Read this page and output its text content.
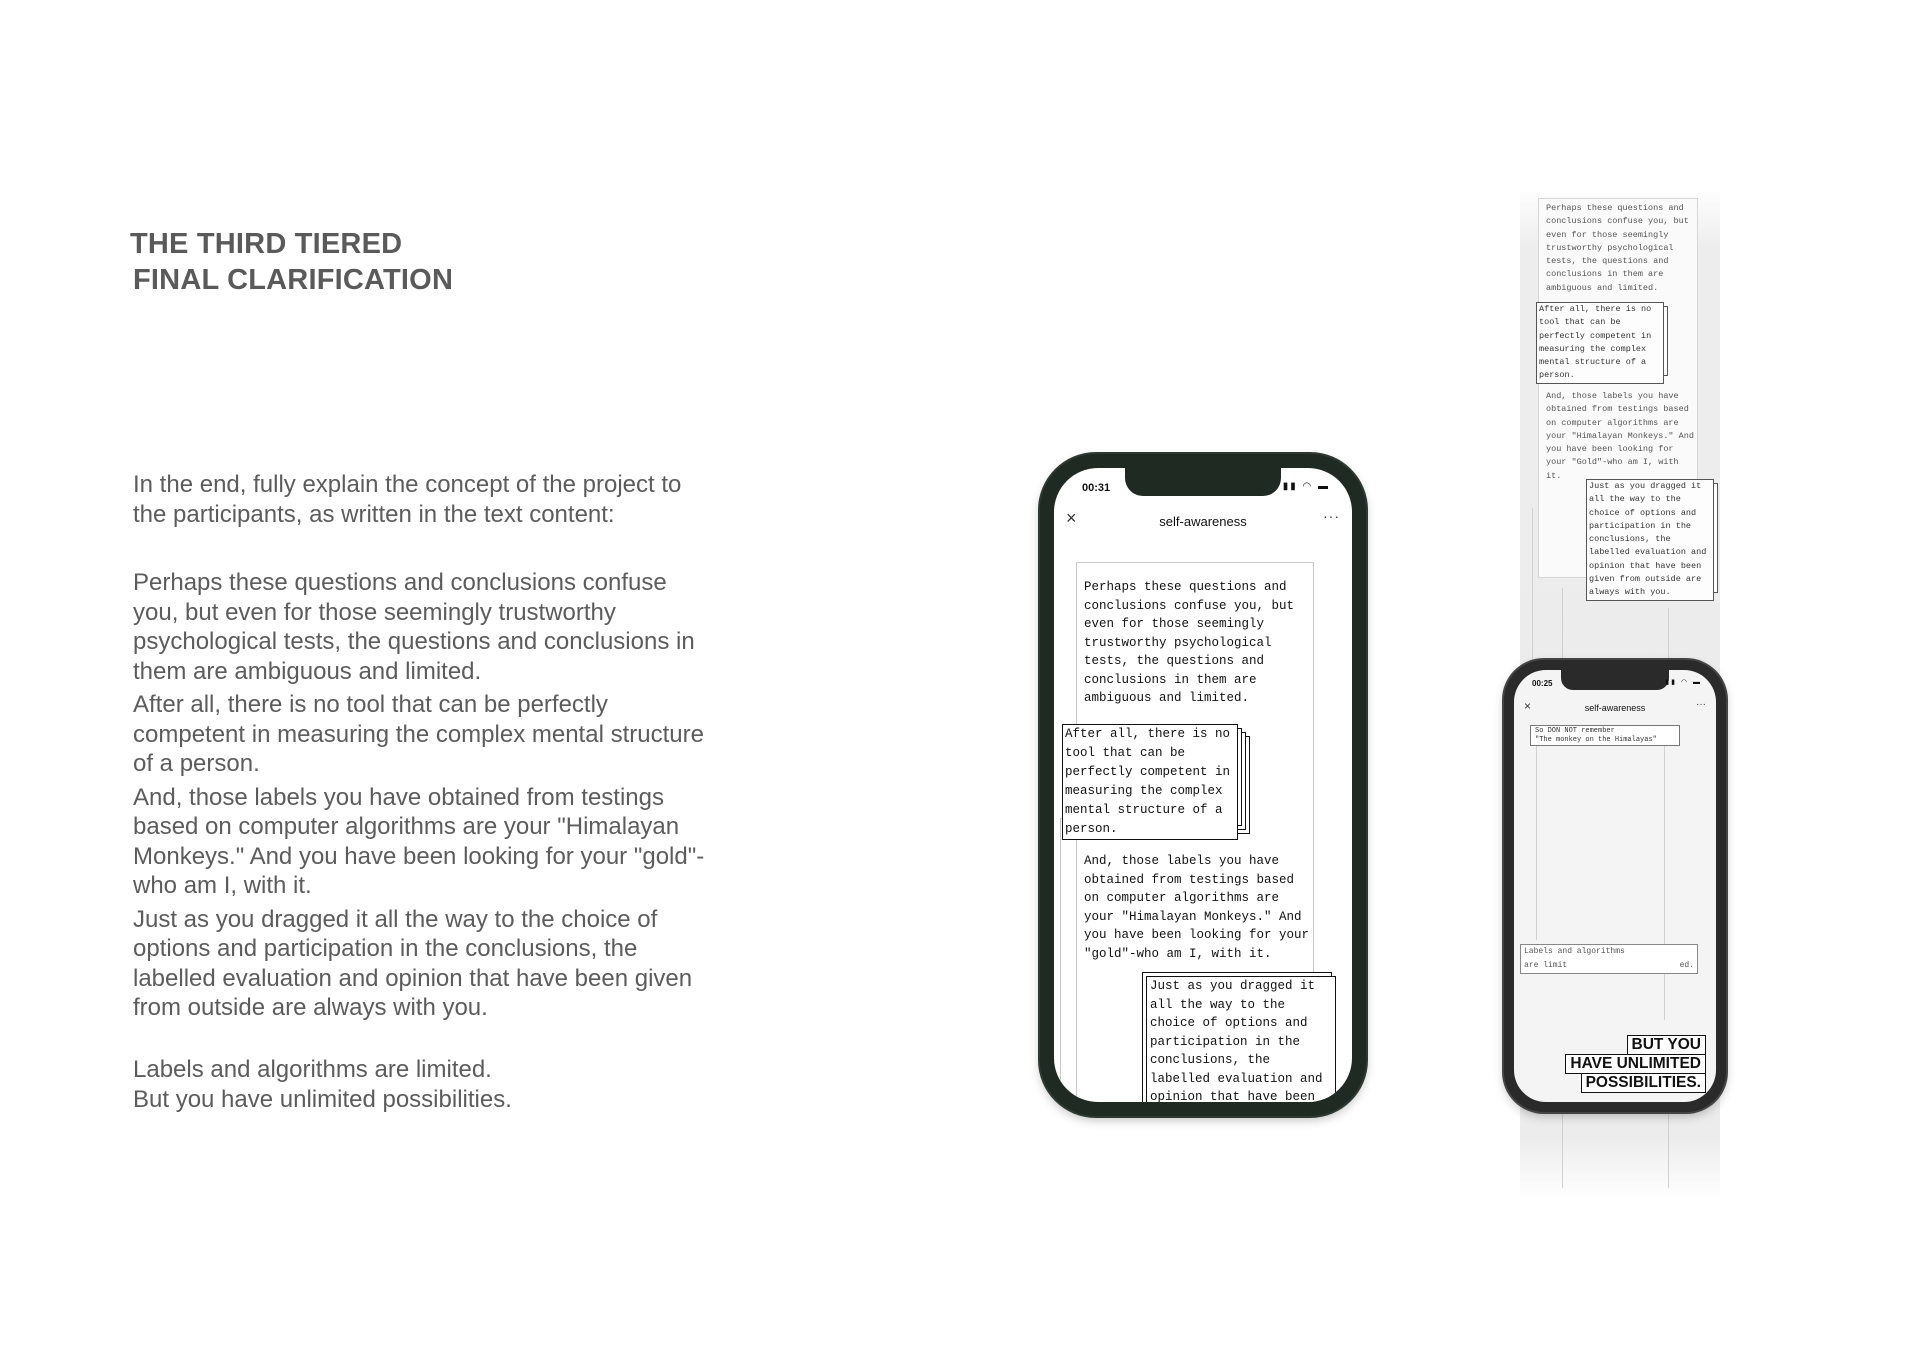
THE THIRD TIERED
FINAL CLARIFICATION
In the end, fully explain the concept of the project to the participants, as written in the text content:

Perhaps these questions and conclusions confuse you, but even for those seemingly trustworthy psychological tests, the questions and conclusions in them are ambiguous and limited.

After all, there is no tool that can be perfectly competent in measuring the complex mental structure of a person.

And, those labels you have obtained from testings based on computer algorithms are your "Himalayan Monkeys." And you have been looking for your "gold"-who am I, with it.

Just as you dragged it all the way to the choice of options and participation in the conclusions, the labelled evaluation and opinion that have been given from outside are always with you.

Labels and algorithms are limited.
But you have unlimited possibilities.
00:31	▮▮ ◠ ▬
×	self-awareness	···
Perhaps these questions and conclusions confuse you, but even for those seemingly trustworthy psychological tests, the questions and conclusions in them are ambiguous and limited.
After all, there is no tool that can be perfectly competent in measuring the complex mental structure of a person.
And, those labels you have obtained from testings based on computer algorithms are your "Himalayan Monkeys." And you have been looking for your "gold"-who am I, with it.
Just as you dragged it all the way to the choice of options and participation in the conclusions, the labelled evaluation and opinion that have been
Perhaps these questions and conclusions confuse you, but even for those seemingly trustworthy psychological tests, the questions and conclusions in them are ambiguous and limited.
After all, there is no tool that can be perfectly competent in measuring the complex mental structure of a person.
And, those labels you have obtained from testings based on computer algorithms are your "Himalayan Monkeys." And you have been looking for your "Gold"-who am I, with it.
Just as you dragged it all the way to the choice of options and participation in the conclusions, the labelled evaluation and opinion that have been given from outside are always with you.
00:25	▮▮ ◠ ▬
×	self-awareness	···
So DON NOT remember
"The monkey on the Himalayas"
Labels and algorithms
are limit	ed.
BUT YOU
HAVE UNLIMITED
POSSIBILITIES.
